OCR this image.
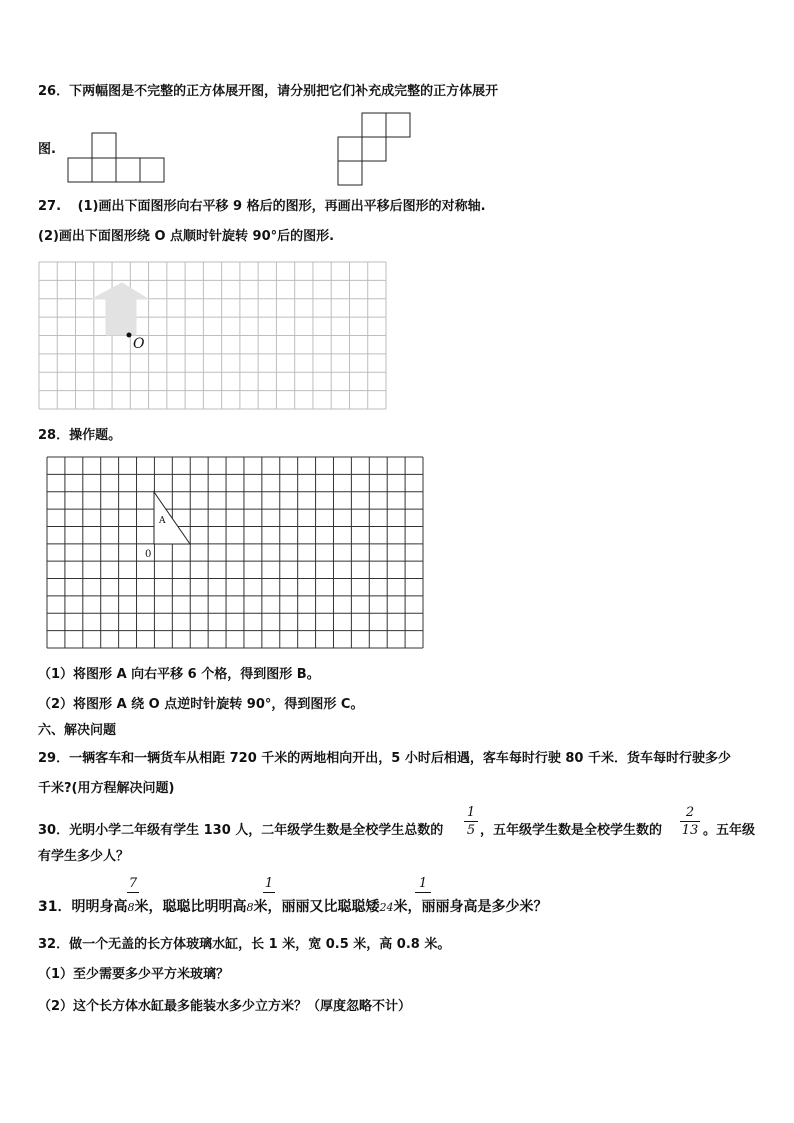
26．下两幅图是不完整的正方体展开图，请分别把它们补充成完整的正方体展开
图.
27. (1)画出下面图形向右平移 9 格后的图形，再画出平移后图形的对称轴.
(2)画出下面图形绕 O 点顺时针旋转 90°后的图形.
O
28．操作题。
A
0
（1）将图形 A 向右平移 6 个格，得到图形 B。
（2）将图形 A 绕 O 点逆时针旋转 90°，得到图形 C。
六、解决问题
29．一辆客车和一辆货车从相距 720 千米的两地相向开出，5 小时后相遇，客车每时行驶 80 千米．货车每时行驶多少
千米?(用方程解决问题)
30．光明小学二年级有学生 130 人，二年级学生数是全校学生总数的
1
5 ，五年级学生数是全校学生数的
2
13 。五年级
有学生多少人？
31．明明身高8米，聪聪比明明高8米，丽丽又比聪聪矮24米，丽丽身高是多少米？
7	1	1
32．做一个无盖的长方体玻璃水缸，长 1 米，宽 0.5 米，高 0.8 米。
（1）至少需要多少平方米玻璃？
（2）这个长方体水缸最多能装水多少立方米？（厚度忽略不计）
